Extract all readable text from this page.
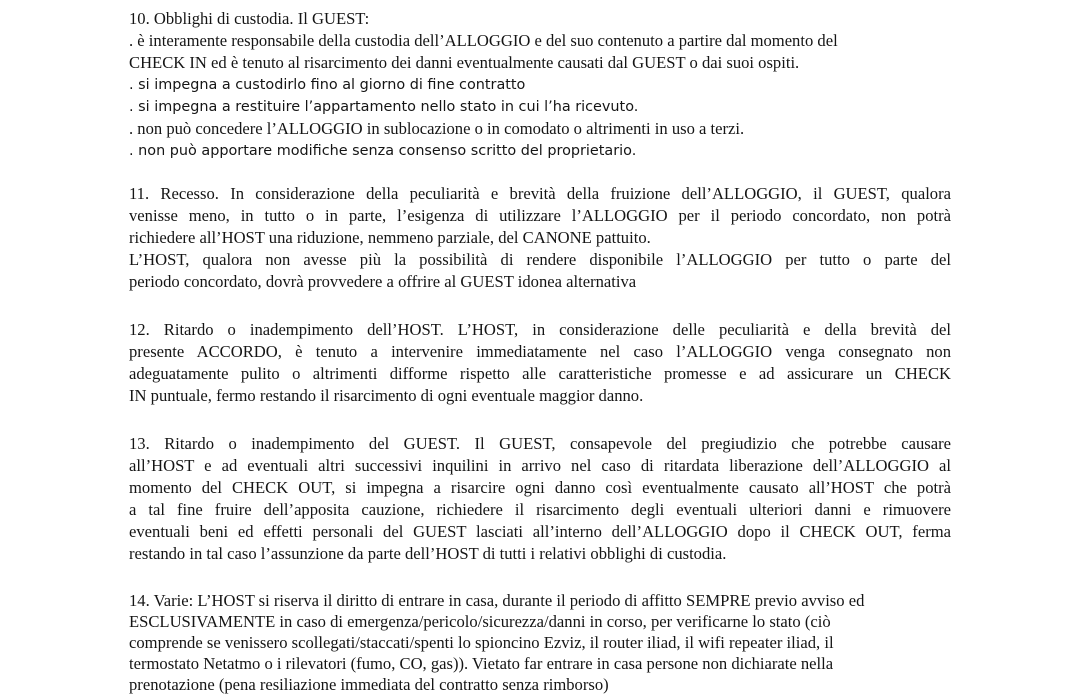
10. Obblighi di custodia. Il GUEST:
. è interamente responsabile della custodia dell’ALLOGGIO e del suo contenuto a partire dal momento del
CHECK IN ed è tenuto al risarcimento dei danni eventualmente causati dal GUEST o dai suoi ospiti.
. si impegna a custodirlo fino al giorno di fine contratto
. si impegna a restituire l’appartamento nello stato in cui l’ha ricevuto.
. non può concedere l’ALLOGGIO in sublocazione o in comodato o altrimenti in uso a terzi.
. non può apportare modifiche senza consenso scritto del proprietario.
11. Recesso. In considerazione della peculiarità e brevità della fruizione dell’ALLOGGIO, il GUEST, qualora
venisse meno, in tutto o in parte, l’esigenza di utilizzare l’ALLOGGIO per il periodo concordato, non potrà
richiedere all’HOST una riduzione, nemmeno parziale, del CANONE pattuito.
L’HOST, qualora non avesse più la possibilità di rendere disponibile l’ALLOGGIO per tutto o parte del
periodo concordato, dovrà provvedere a offrire al GUEST idonea alternativa
12. Ritardo o inadempimento dell’HOST. L’HOST, in considerazione delle peculiarità e della brevità del
presente ACCORDO, è tenuto a intervenire immediatamente nel caso l’ALLOGGIO venga consegnato non
adeguatamente pulito o altrimenti difforme rispetto alle caratteristiche promesse e ad assicurare un CHECK
IN puntuale, fermo restando il risarcimento di ogni eventuale maggior danno.
13. Ritardo o inadempimento del GUEST. Il GUEST, consapevole del pregiudizio che potrebbe causare
all’HOST e ad eventuali altri successivi inquilini in arrivo nel caso di ritardata liberazione dell’ALLOGGIO al
momento del CHECK OUT, si impegna a risarcire ogni danno così eventualmente causato all’HOST che potrà
a tal fine fruire dell’apposita cauzione, richiedere il risarcimento degli eventuali ulteriori danni e rimuovere
eventuali beni ed effetti personali del GUEST lasciati all’interno dell’ALLOGGIO dopo il CHECK OUT, ferma
restando in tal caso l’assunzione da parte dell’HOST di tutti i relativi obblighi di custodia.
14. Varie: L’HOST si riserva il diritto di entrare in casa, durante il periodo di affitto SEMPRE previo avviso ed
ESCLUSIVAMENTE in caso di emergenza/pericolo/sicurezza/danni in corso, per verificarne lo stato (ciò
comprende se venissero scollegati/staccati/spenti lo spioncino Ezviz, il router iliad, il wifi repeater iliad, il
termostato Netatmo o i rilevatori (fumo, CO, gas)). Vietato far entrare in casa persone non dichiarate nella
prenotazione (pena resiliazione immediata del contratto senza rimborso)
